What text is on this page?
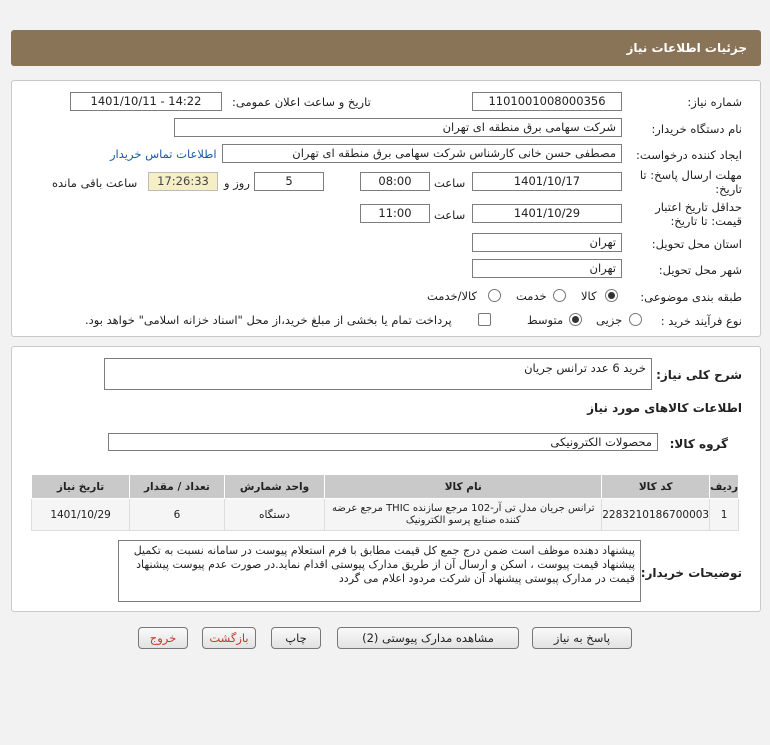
جزئیات اطلاعات نیاز
شماره نیاز:
1101001008000356
تاریخ و ساعت اعلان عمومی:
1401/10/11 - 14:22
نام دستگاه خریدار:
شرکت سهامی برق منطقه ای تهران
ایجاد کننده درخواست:
مصطفی حسن خانی کارشناس شرکت سهامی برق منطقه ای تهران
اطلاعات تماس خریدار
مهلت ارسال پاسخ: تا
تاریخ:
1401/10/17
ساعت
08:00
5
روز و
17:26:33
ساعت باقی مانده
حداقل تاریخ اعتبار
قیمت: تا تاریخ:
1401/10/29
ساعت
11:00
استان محل تحویل:
تهران
شهر محل تحویل:
تهران
طبقه بندی موضوعی:
کالا
خدمت
کالا/خدمت
نوع فرآیند خرید :
جزیی
متوسط
پرداخت تمام یا بخشی از مبلغ خرید،از محل "اسناد خزانه اسلامی" خواهد بود.
شرح کلی نیاز:
خرید 6 عدد ترانس جریان
اطلاعات کالاهای مورد نیاز
گروه کالا:
محصولات الکترونیکی
ردیف	کد کالا	نام کالا	واحد شمارش	تعداد / مقدار	تاریخ نیاز
1	2283210186700003	ترانس جریان مدل تی آر-102 مرجع سازنده THIC مرجع عرضه کننده صنایع پرسو الکترونیک	دستگاه	6	1401/10/29
توضیحات خریدار:
پیشنهاد دهنده موظف است ضمن درج جمع کل قیمت مطابق با فرم استعلام پیوست در سامانه نسبت به تکمیل پیشنهاد قیمت پیوست ، اسکن و ارسال آن از طریق مدارک پیوستی اقدام نماید.در صورت عدم پیوست پیشنهاد قیمت در مدارک پیوستی پیشنهاد آن شرکت مردود اعلام می گردد
پاسخ به نیاز
مشاهده مدارک پیوستی (2)
چاپ
بازگشت
خروج
